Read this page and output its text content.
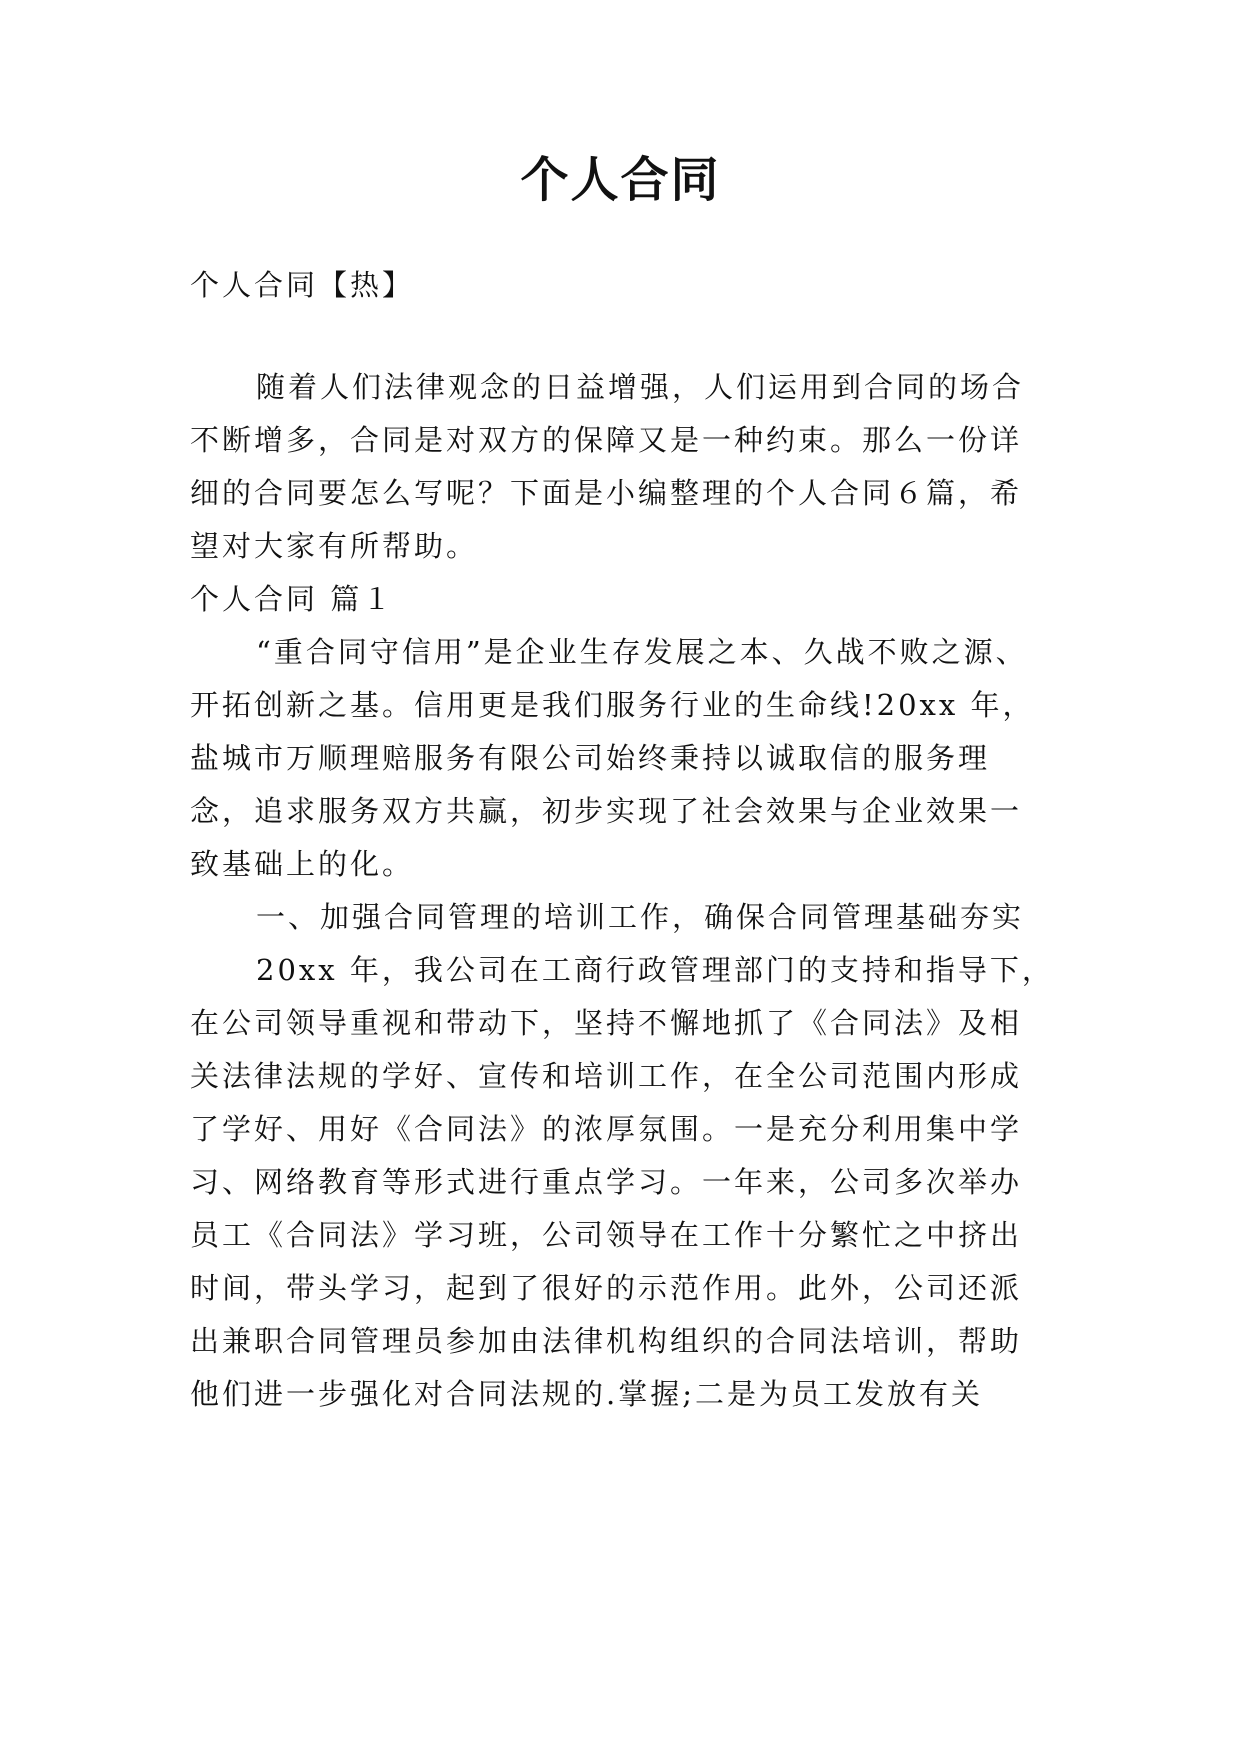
个人合同
个人合同【热】
随着人们法律观念的日益增强，人们运用到合同的场合
不断增多，合同是对双方的保障又是一种约束。那么一份详
细的合同要怎么写呢？下面是小编整理的个人合同６篇，希
望对大家有所帮助。
个人合同 篇１
“重合同守信用”是企业生存发展之本、久战不败之源、
开拓创新之基。信用更是我们服务行业的生命线!20xx 年，
盐城市万顺理赔服务有限公司始终秉持以诚取信的服务理
念，追求服务双方共赢，初步实现了社会效果与企业效果一
致基础上的化。
一、加强合同管理的培训工作，确保合同管理基础夯实
20xx 年，我公司在工商行政管理部门的支持和指导下，
在公司领导重视和带动下，坚持不懈地抓了《合同法》及相
关法律法规的学好、宣传和培训工作，在全公司范围内形成
了学好、用好《合同法》的浓厚氛围。一是充分利用集中学
习、网络教育等形式进行重点学习。一年来，公司多次举办
员工《合同法》学习班，公司领导在工作十分繁忙之中挤出
时间，带头学习，起到了很好的示范作用。此外，公司还派
出兼职合同管理员参加由法律机构组织的合同法培训，帮助
他们进一步强化对合同法规的.掌握;二是为员工发放有关
